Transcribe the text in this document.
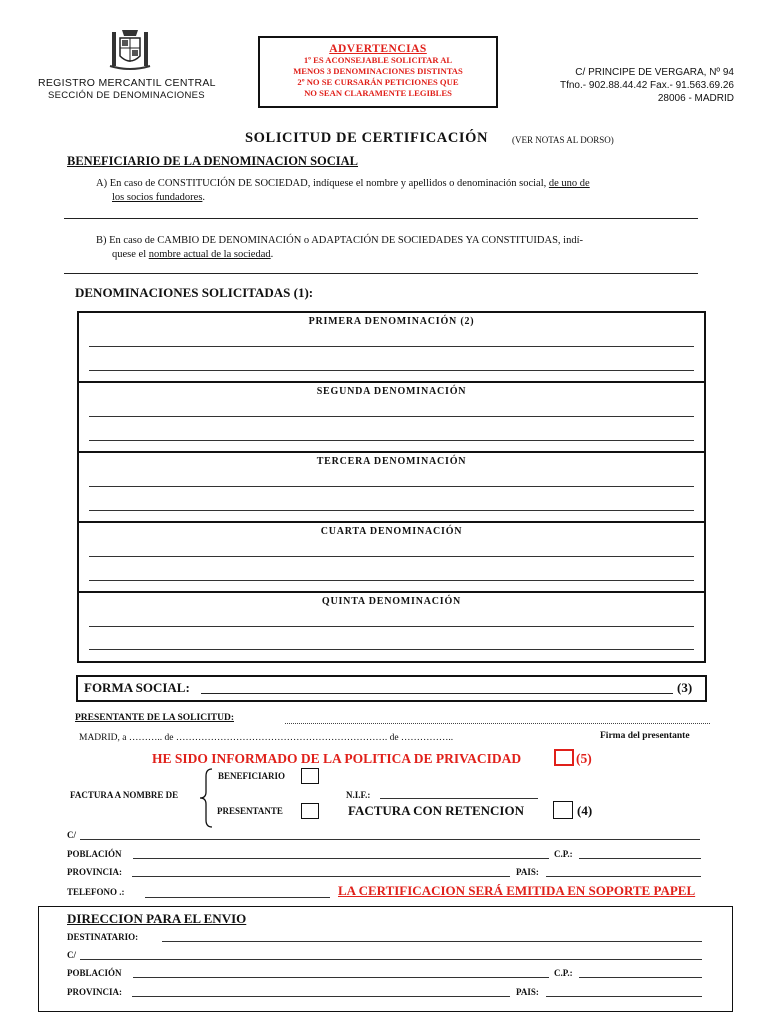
REGISTRO MERCANTIL CENTRAL
SECCIÓN DE DENOMINACIONES
ADVERTENCIAS
1º ES ACONSEJABLE SOLICITAR AL
MENOS 3 DENOMINACIONES DISTINTAS
2º NO SE CURSARÁN PETICIONES QUE
NO SEAN CLARAMENTE LEGIBLES
C/ PRINCIPE DE VERGARA, Nº 94
Tfno.- 902.88.44.42 Fax.- 91.563.69.26
28006 - MADRID
SOLICITUD DE CERTIFICACIÓN	(VER NOTAS AL DORSO)
BENEFICIARIO DE LA DENOMINACION SOCIAL
A) En caso de CONSTITUCIÓN DE SOCIEDAD, indíquese el nombre y apellidos o denominación social, de uno de
los socios fundadores.
B) En caso de CAMBIO DE DENOMINACIÓN o ADAPTACIÓN DE SOCIEDADES YA CONSTITUIDAS, indí-
quese el nombre actual de la sociedad.
DENOMINACIONES SOLICITADAS (1):
PRIMERA DENOMINACIÓN (2)
SEGUNDA DENOMINACIÓN
TERCERA DENOMINACIÓN
CUARTA DENOMINACIÓN
QUINTA DENOMINACIÓN
FORMA SOCIAL:	(3)
PRESENTANTE DE LA SOLICITUD:
MADRID, a ……….. de …………………………………………………………. de ……………..	Firma del presentante
HE SIDO INFORMADO DE LA POLITICA DE PRIVACIDAD	(5)
FACTURA A NOMBRE DE
BENEFICIARIO
PRESENTANTE
N.I.F.:
FACTURA CON RETENCION	(4)
C/
POBLACIÓN	C.P.:
PROVINCIA:	PAIS:
TELEFONO .:	LA CERTIFICACION SERÁ EMITIDA EN SOPORTE PAPEL
DIRECCION PARA EL ENVIO
DESTINATARIO:
C/
POBLACIÓN	C.P.:
PROVINCIA:	PAIS:
